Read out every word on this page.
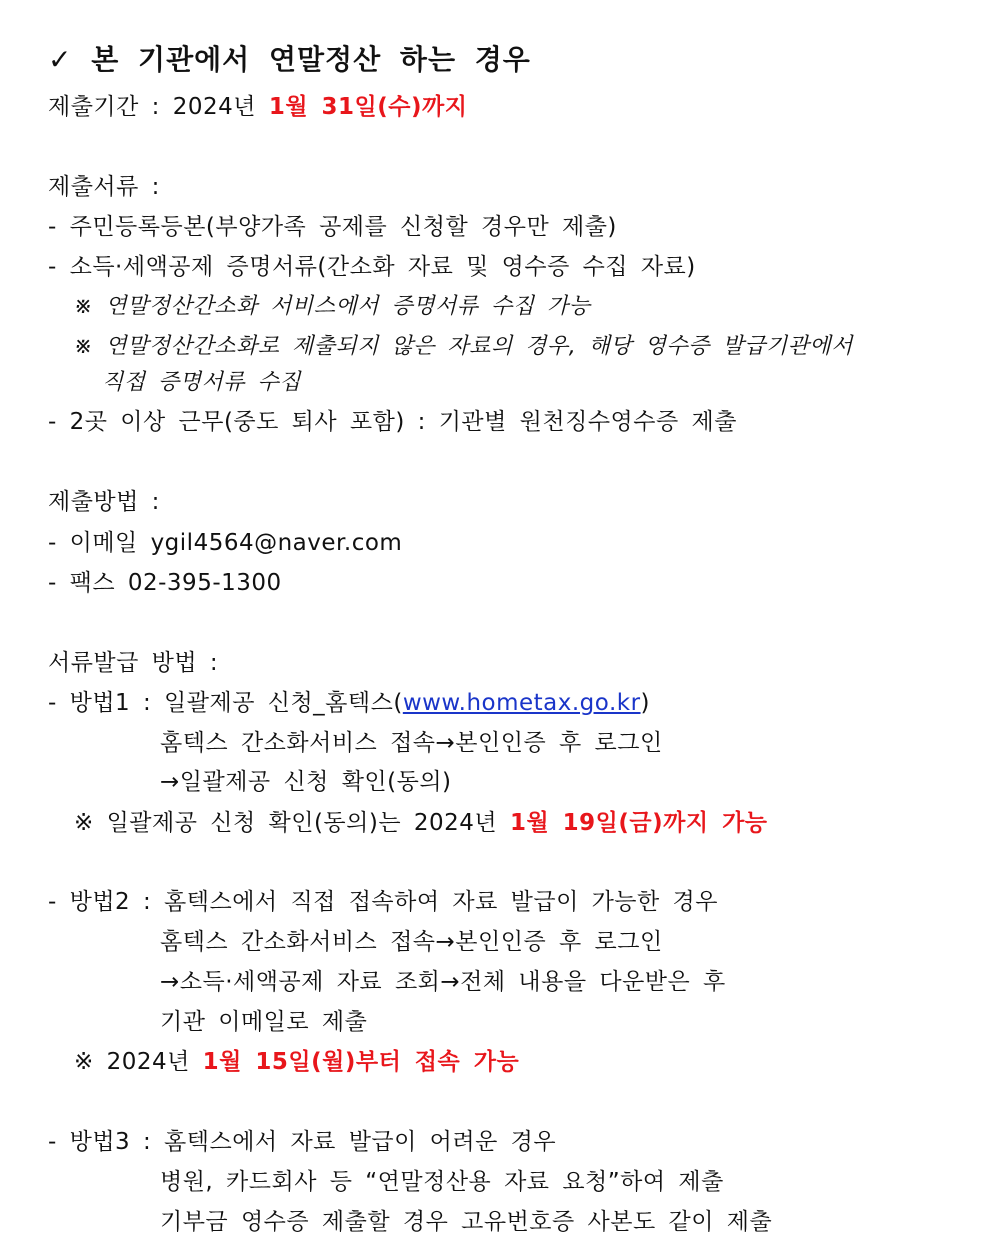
✓ 본 기관에서 연말정산 하는 경우
제출기간 : 2024년 1월 31일(수)까지
제출서류 :
- 주민등록등본(부양가족 공제를 신청할 경우만 제출)
- 소득·세액공제 증명서류(간소화 자료 및 영수증 수집 자료)
※ 연말정산간소화 서비스에서 증명서류 수집 가능
※ 연말정산간소화로 제출되지 않은 자료의 경우, 해당 영수증 발급기관에서
직접 증명서류 수집
- 2곳 이상 근무(중도 퇴사 포함) : 기관별 원천징수영수증 제출
제출방법 :
- 이메일 ygil4564@naver.com
- 팩스 02-395-1300
서류발급 방법 :
- 방법1 : 일괄제공 신청_홈텍스(www.hometax.go.kr)
홈텍스 간소화서비스 접속→본인인증 후 로그인
→일괄제공 신청 확인(동의)
※ 일괄제공 신청 확인(동의)는 2024년 1월 19일(금)까지 가능
- 방법2 : 홈텍스에서 직접 접속하여 자료 발급이 가능한 경우
홈텍스 간소화서비스 접속→본인인증 후 로그인
→소득·세액공제 자료 조회→전체 내용을 다운받은 후
기관 이메일로 제출
※ 2024년 1월 15일(월)부터 접속 가능
- 방법3 : 홈텍스에서 자료 발급이 어려운 경우
병원, 카드회사 등 “연말정산용 자료 요청”하여 제출
기부금 영수증 제출할 경우 고유번호증 사본도 같이 제출
